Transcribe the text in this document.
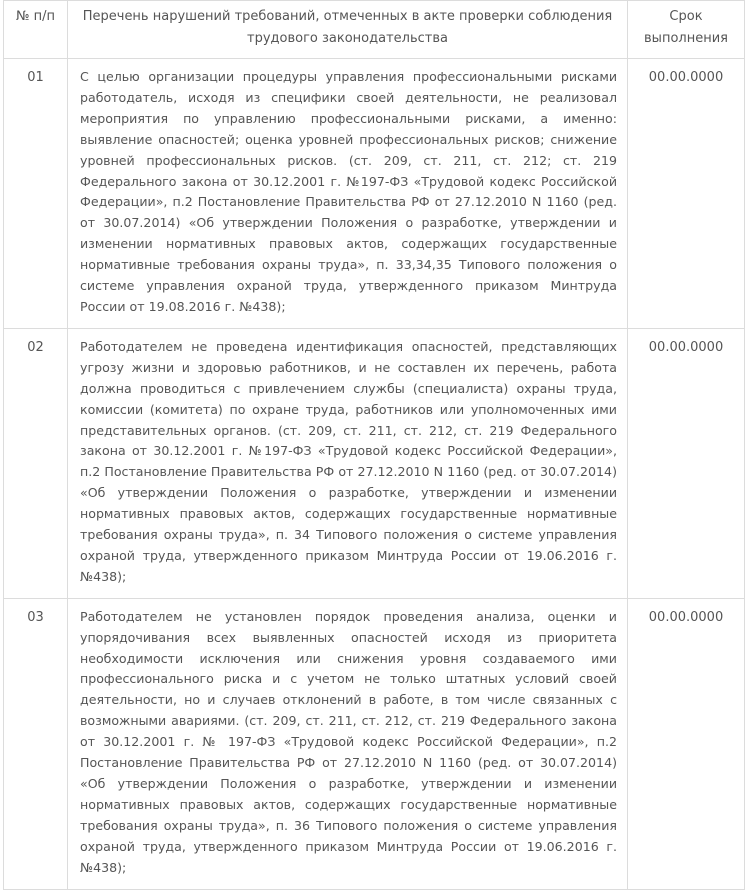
№ п/п	Перечень нарушений требований, отмеченных в акте проверки соблюдения трудового законодательства	Срок выполнения
01	С целью организации процедуры управления профессиональными рисками работодатель, исходя из специфики своей деятельности, не реализовал мероприятия по управлению профессиональными рисками, а именно: выявление опасностей; оценка уровней профессиональных рисков; снижение уровней профессиональных рисков. (ст. 209, ст. 211, ст. 212; ст. 219 Федерального закона от 30.12.2001 г. №197-ФЗ «Трудовой кодекс Российской Федерации», п.2 Постановление Правительства РФ от 27.12.2010 N 1160 (ред. от 30.07.2014) «Об утверждении Положения о разработке, утверждении и изменении нормативных правовых актов, содержащих государственные нормативные требования охраны труда», п. 33,34,35 Типового положения о системе управления охраной труда, утвержденного приказом Минтруда России от 19.08.2016 г. №438);	00.00.0000
02	Работодателем не проведена идентификация опасностей, представляющих угрозу жизни и здоровью работников, и не составлен их перечень, работа должна проводиться с привлечением службы (специалиста) охраны труда, комиссии (комитета) по охране труда, работников или уполномоченных ими представительных органов. (ст. 209, ст. 211, ст. 212, ст. 219 Федерального закона от 30.12.2001 г. №197-ФЗ «Трудовой кодекс Российской Федерации», п.2 Постановление Правительства РФ от 27.12.2010 N 1160 (ред. от 30.07.2014) «Об утверждении Положения о разработке, утверждении и изменении нормативных правовых актов, содержащих государственные нормативные требования охраны труда», п. 34 Типового положения о системе управления охраной труда, утвержденного приказом Минтруда России от 19.06.2016 г. №438);	00.00.0000
03	Работодателем не установлен порядок проведения анализа, оценки и упорядочивания всех выявленных опасностей исходя из приоритета необходимости исключения или снижения уровня создаваемого ими профессионального риска и с учетом не только штатных условий своей деятельности, но и случаев отклонений в работе, в том числе связанных с возможными авариями. (ст. 209, ст. 211, ст. 212, ст. 219 Федерального закона от 30.12.2001 г. № 197-ФЗ «Трудовой кодекс Российской Федерации», п.2 Постановление Правительства РФ от 27.12.2010 N 1160 (ред. от 30.07.2014) «Об утверждении Положения о разработке, утверждении и изменении нормативных правовых актов, содержащих государственные нормативные требования охраны труда», п. 36 Типового положения о системе управления охраной труда, утвержденного приказом Минтруда России от 19.06.2016 г. №438);	00.00.0000
